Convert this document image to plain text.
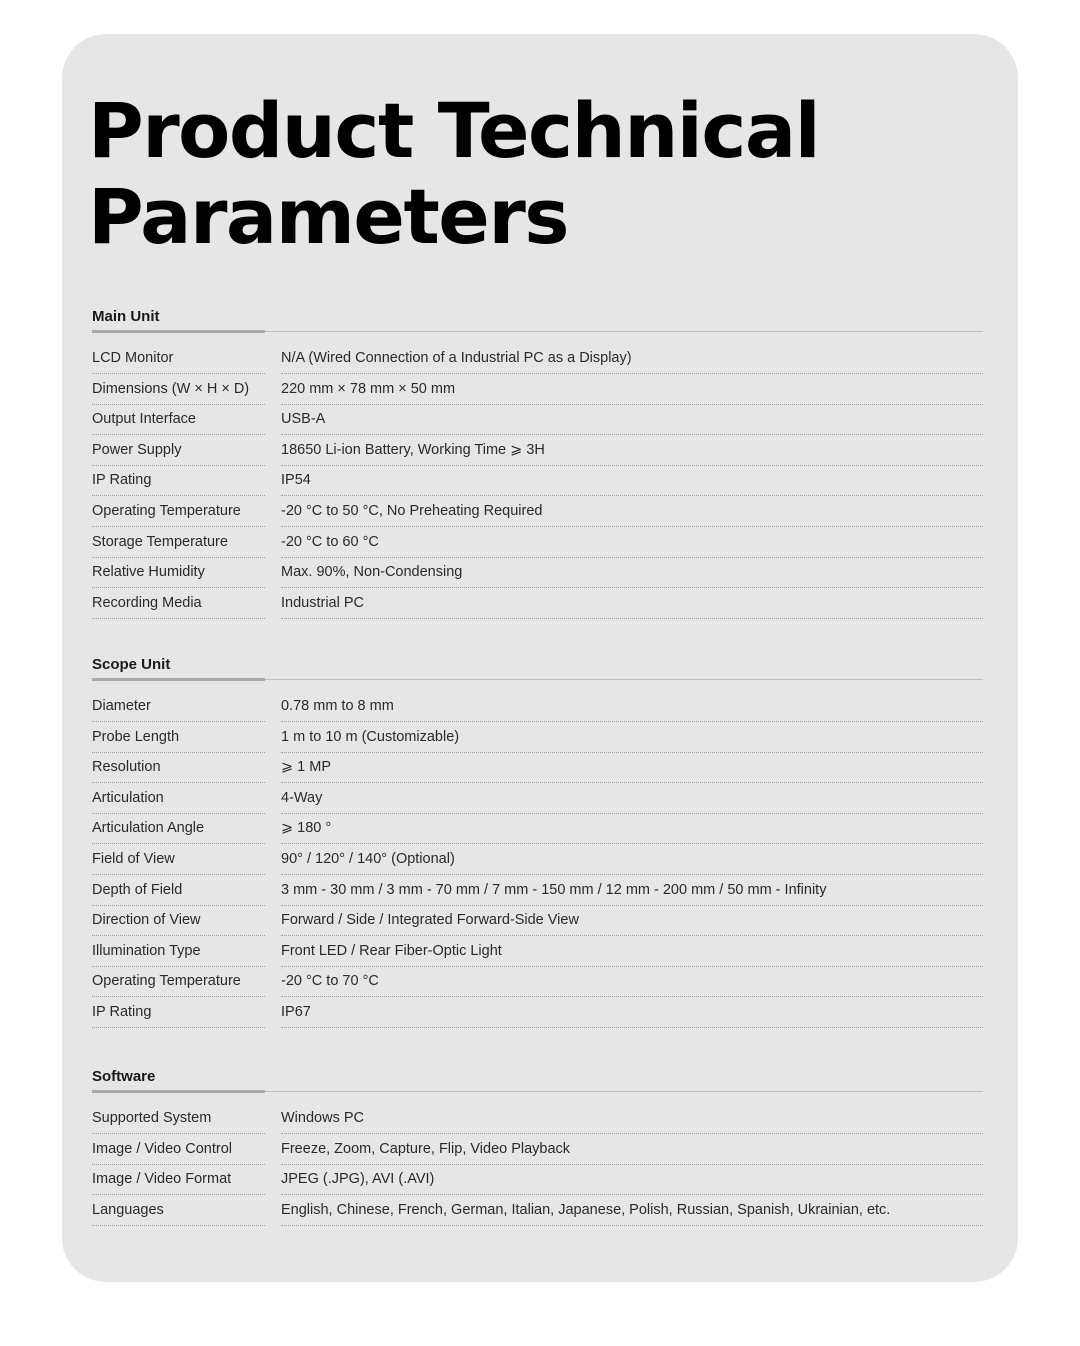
Product Technical
Parameters
Main Unit
LCD Monitor	N/A (Wired Connection of a Industrial PC as a Display)
Dimensions (W × H × D)	220 mm × 78 mm × 50 mm
Output Interface	USB-A
Power Supply	18650 Li-ion Battery, Working Time ⩾ 3H
IP Rating	IP54
Operating Temperature	-20 °C to 50 °C, No Preheating Required
Storage Temperature	-20 °C to 60 °C
Relative Humidity	Max. 90%, Non-Condensing
Recording Media	Industrial PC
Scope Unit
Diameter	0.78 mm to 8 mm
Probe Length	1 m to 10 m (Customizable)
Resolution	⩾ 1 MP
Articulation	4-Way
Articulation Angle	⩾ 180 °
Field of View	90° / 120° / 140° (Optional)
Depth of Field	3 mm - 30 mm / 3 mm - 70 mm / 7 mm - 150 mm / 12 mm - 200 mm / 50 mm - Infinity
Direction of View	Forward / Side / Integrated Forward-Side View
Illumination Type	Front LED / Rear Fiber-Optic Light
Operating Temperature	-20 °C to 70 °C
IP Rating	IP67
Software
Supported System	Windows PC
Image / Video Control	Freeze, Zoom, Capture, Flip, Video Playback
Image / Video Format	JPEG (.JPG), AVI (.AVI)
Languages	English, Chinese, French, German, Italian, Japanese, Polish, Russian, Spanish, Ukrainian, etc.
